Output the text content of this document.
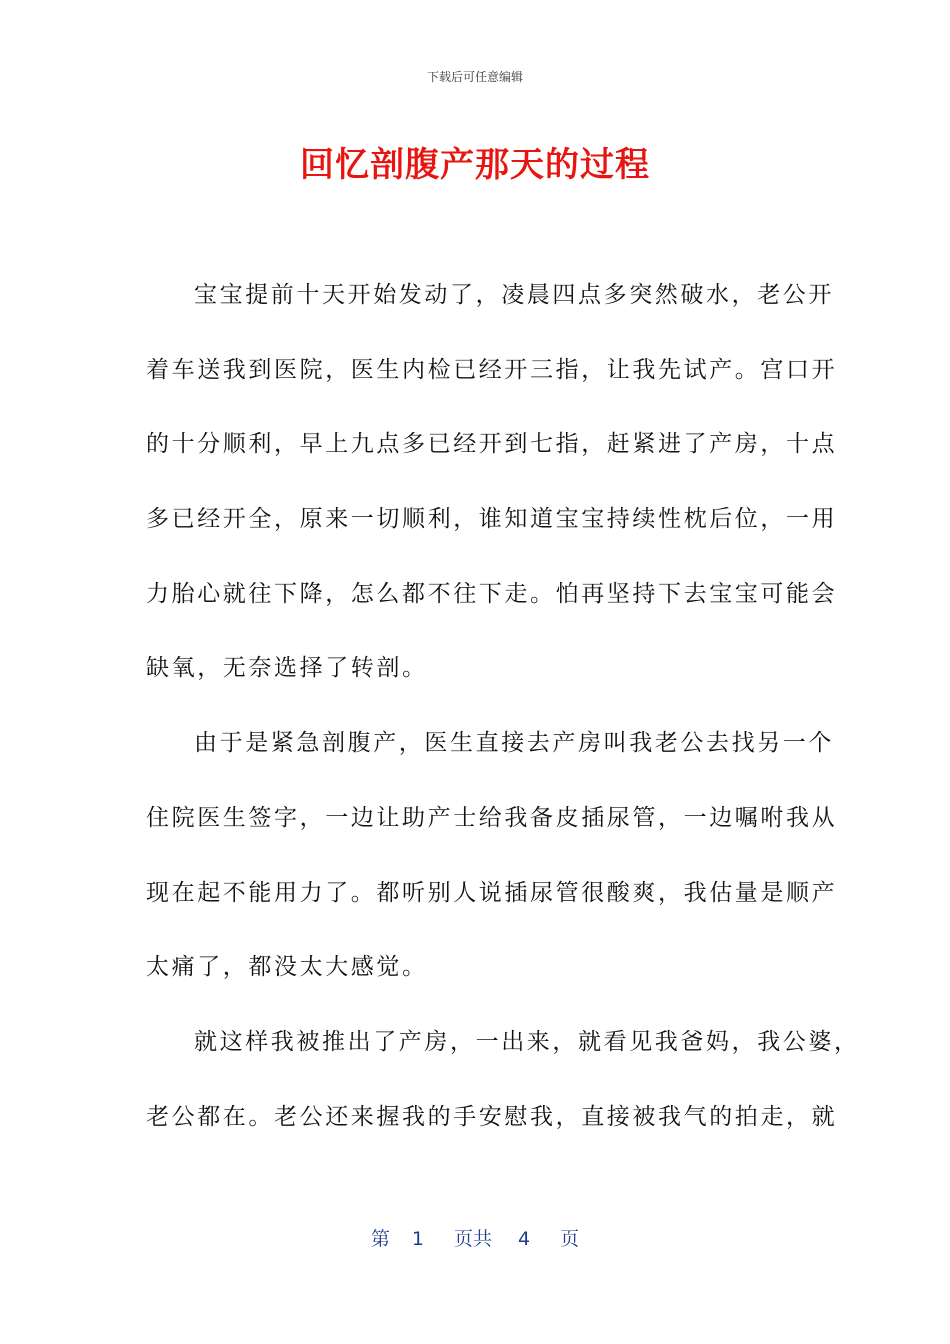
下载后可任意编辑
回忆剖腹产那天的过程
宝宝提前十天开始发动了，凌晨四点多突然破水，老公开
着车送我到医院，医生内检已经开三指，让我先试产。宫口开
的十分顺利，早上九点多已经开到七指，赶紧进了产房，十点
多已经开全，原来一切顺利，谁知道宝宝持续性枕后位，一用
力胎心就往下降，怎么都不往下走。怕再坚持下去宝宝可能会
缺氧，无奈选择了转剖。
由于是紧急剖腹产，医生直接去产房叫我老公去找另一个
住院医生签字，一边让助产士给我备皮插尿管，一边嘱咐我从
现在起不能用力了。都听别人说插尿管很酸爽，我估量是顺产
太痛了，都没太大感觉。
就这样我被推出了产房，一出来，就看见我爸妈，我公婆，
老公都在。老公还来握我的手安慰我，直接被我气的拍走，就
第 1 页共 4 页
